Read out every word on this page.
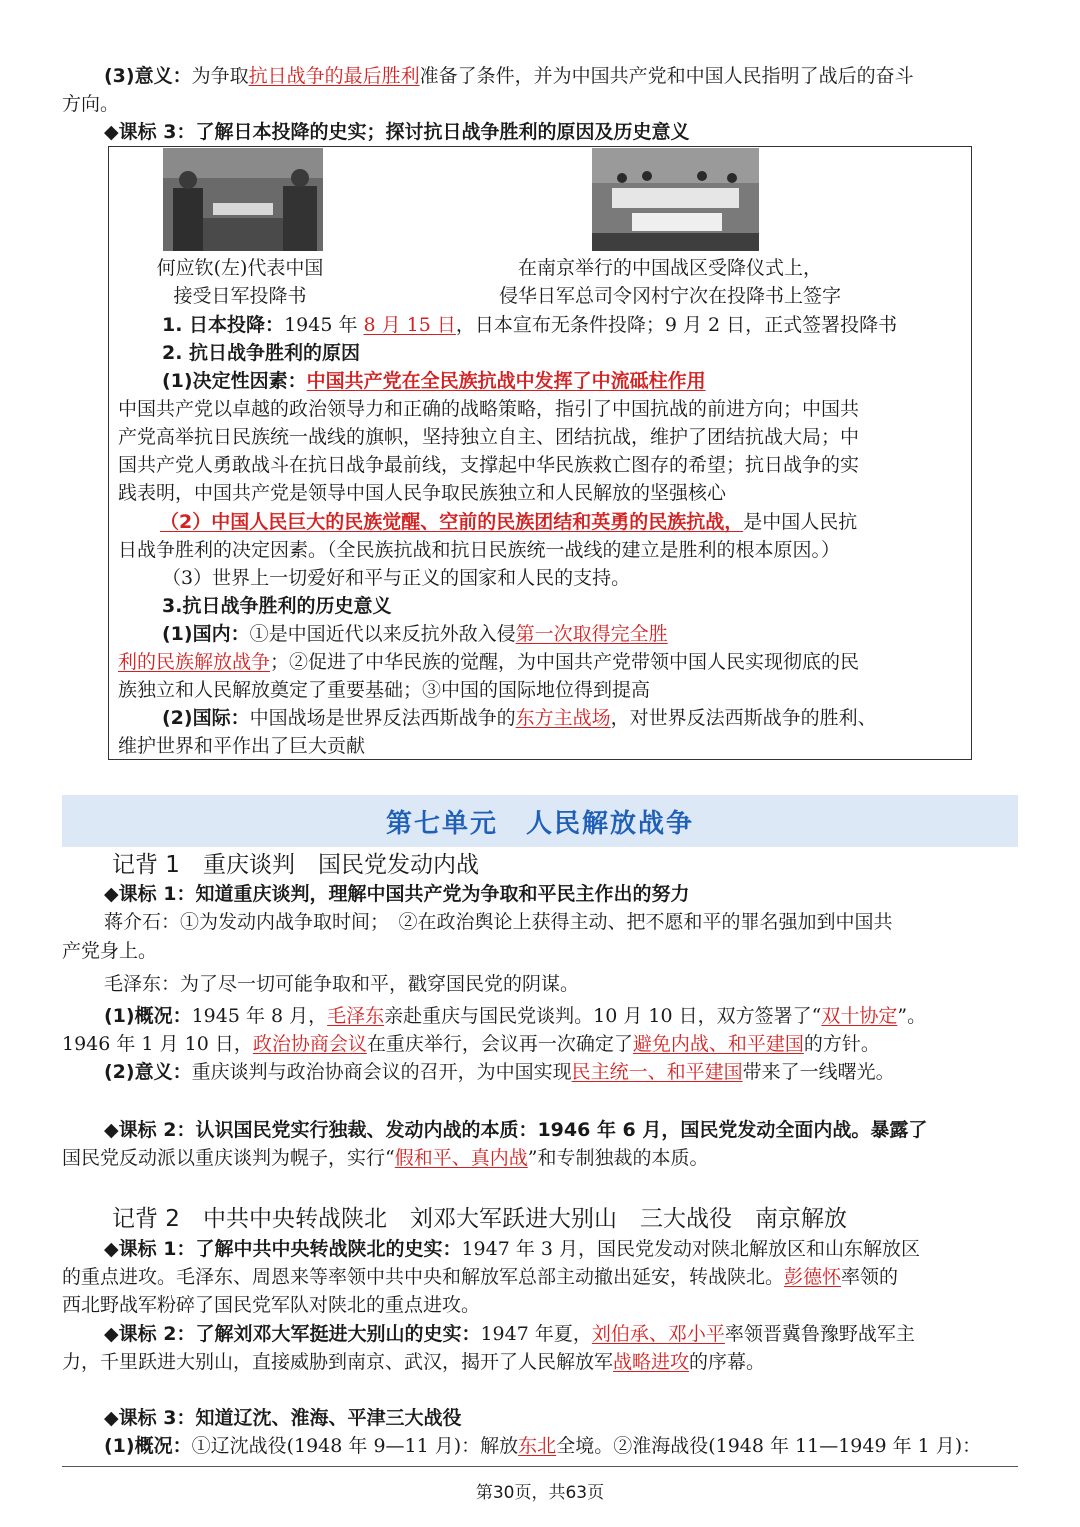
(3)意义：为争取抗日战争的最后胜利准备了条件，并为中国共产党和中国人民指明了战后的奋斗
方向。
◆课标 3：了解日本投降的史实；探讨抗日战争胜利的原因及历史意义
何应钦(左)代表中国
接受日军投降书
在南京举行的中国战区受降仪式上，
侵华日军总司令冈村宁次在投降书上签字
1. 日本投降：1945 年 8 月 15 日，日本宣布无条件投降；9 月 2 日，正式签署投降书
2. 抗日战争胜利的原因
(1)决定性因素：中国共产党在全民族抗战中发挥了中流砥柱作用
中国共产党以卓越的政治领导力和正确的战略策略，指引了中国抗战的前进方向；中国共
产党高举抗日民族统一战线的旗帜，坚持独立自主、团结抗战，维护了团结抗战大局；中
国共产党人勇敢战斗在抗日战争最前线，支撑起中华民族救亡图存的希望；抗日战争的实
践表明，中国共产党是领导中国人民争取民族独立和人民解放的坚强核心
（2）中国人民巨大的民族觉醒、空前的民族团结和英勇的民族抗战，是中国人民抗
日战争胜利的决定因素。（全民族抗战和抗日民族统一战线的建立是胜利的根本原因。）
（3）世界上一切爱好和平与正义的国家和人民的支持。
3.抗日战争胜利的历史意义
(1)国内：①是中国近代以来反抗外敌入侵第一次取得完全胜
利的民族解放战争；②促进了中华民族的觉醒，为中国共产党带领中国人民实现彻底的民
族独立和人民解放奠定了重要基础；③中国的国际地位得到提高
(2)国际：中国战场是世界反法西斯战争的东方主战场，对世界反法西斯战争的胜利、
维护世界和平作出了巨大贡献
第七单元　人民解放战争
记背 1　重庆谈判　国民党发动内战
◆课标 1：知道重庆谈判，理解中国共产党为争取和平民主作出的努力
蒋介石：①为发动内战争取时间；　②在政治舆论上获得主动、把不愿和平的罪名强加到中国共
产党身上。
毛泽东：为了尽一切可能争取和平，戳穿国民党的阴谋。
(1)概况：1945 年 8 月，毛泽东亲赴重庆与国民党谈判。10 月 10 日，双方签署了“双十协定”。
1946 年 1 月 10 日，政治协商会议在重庆举行，会议再一次确定了避免内战、和平建国的方针。
(2)意义：重庆谈判与政治协商会议的召开，为中国实现民主统一、和平建国带来了一线曙光。
◆课标 2：认识国民党实行独裁、发动内战的本质：1946 年 6 月，国民党发动全面内战。暴露了
国民党反动派以重庆谈判为幌子，实行“假和平、真内战”和专制独裁的本质。
记背 2　中共中央转战陕北　刘邓大军跃进大别山　三大战役　南京解放
◆课标 1：了解中共中央转战陕北的史实：1947 年 3 月，国民党发动对陕北解放区和山东解放区
的重点进攻。毛泽东、周恩来等率领中共中央和解放军总部主动撤出延安，转战陕北。彭德怀率领的
西北野战军粉碎了国民党军队对陕北的重点进攻。
◆课标 2：了解刘邓大军挺进大别山的史实：1947 年夏，刘伯承、邓小平率领晋冀鲁豫野战军主
力，千里跃进大别山，直接威胁到南京、武汉，揭开了人民解放军战略进攻的序幕。
◆课标 3：知道辽沈、淮海、平津三大战役
(1)概况：①辽沈战役(1948 年 9—11 月)：解放东北全境。②淮海战役(1948 年 11—1949 年 1 月)：
第30页，共63页
